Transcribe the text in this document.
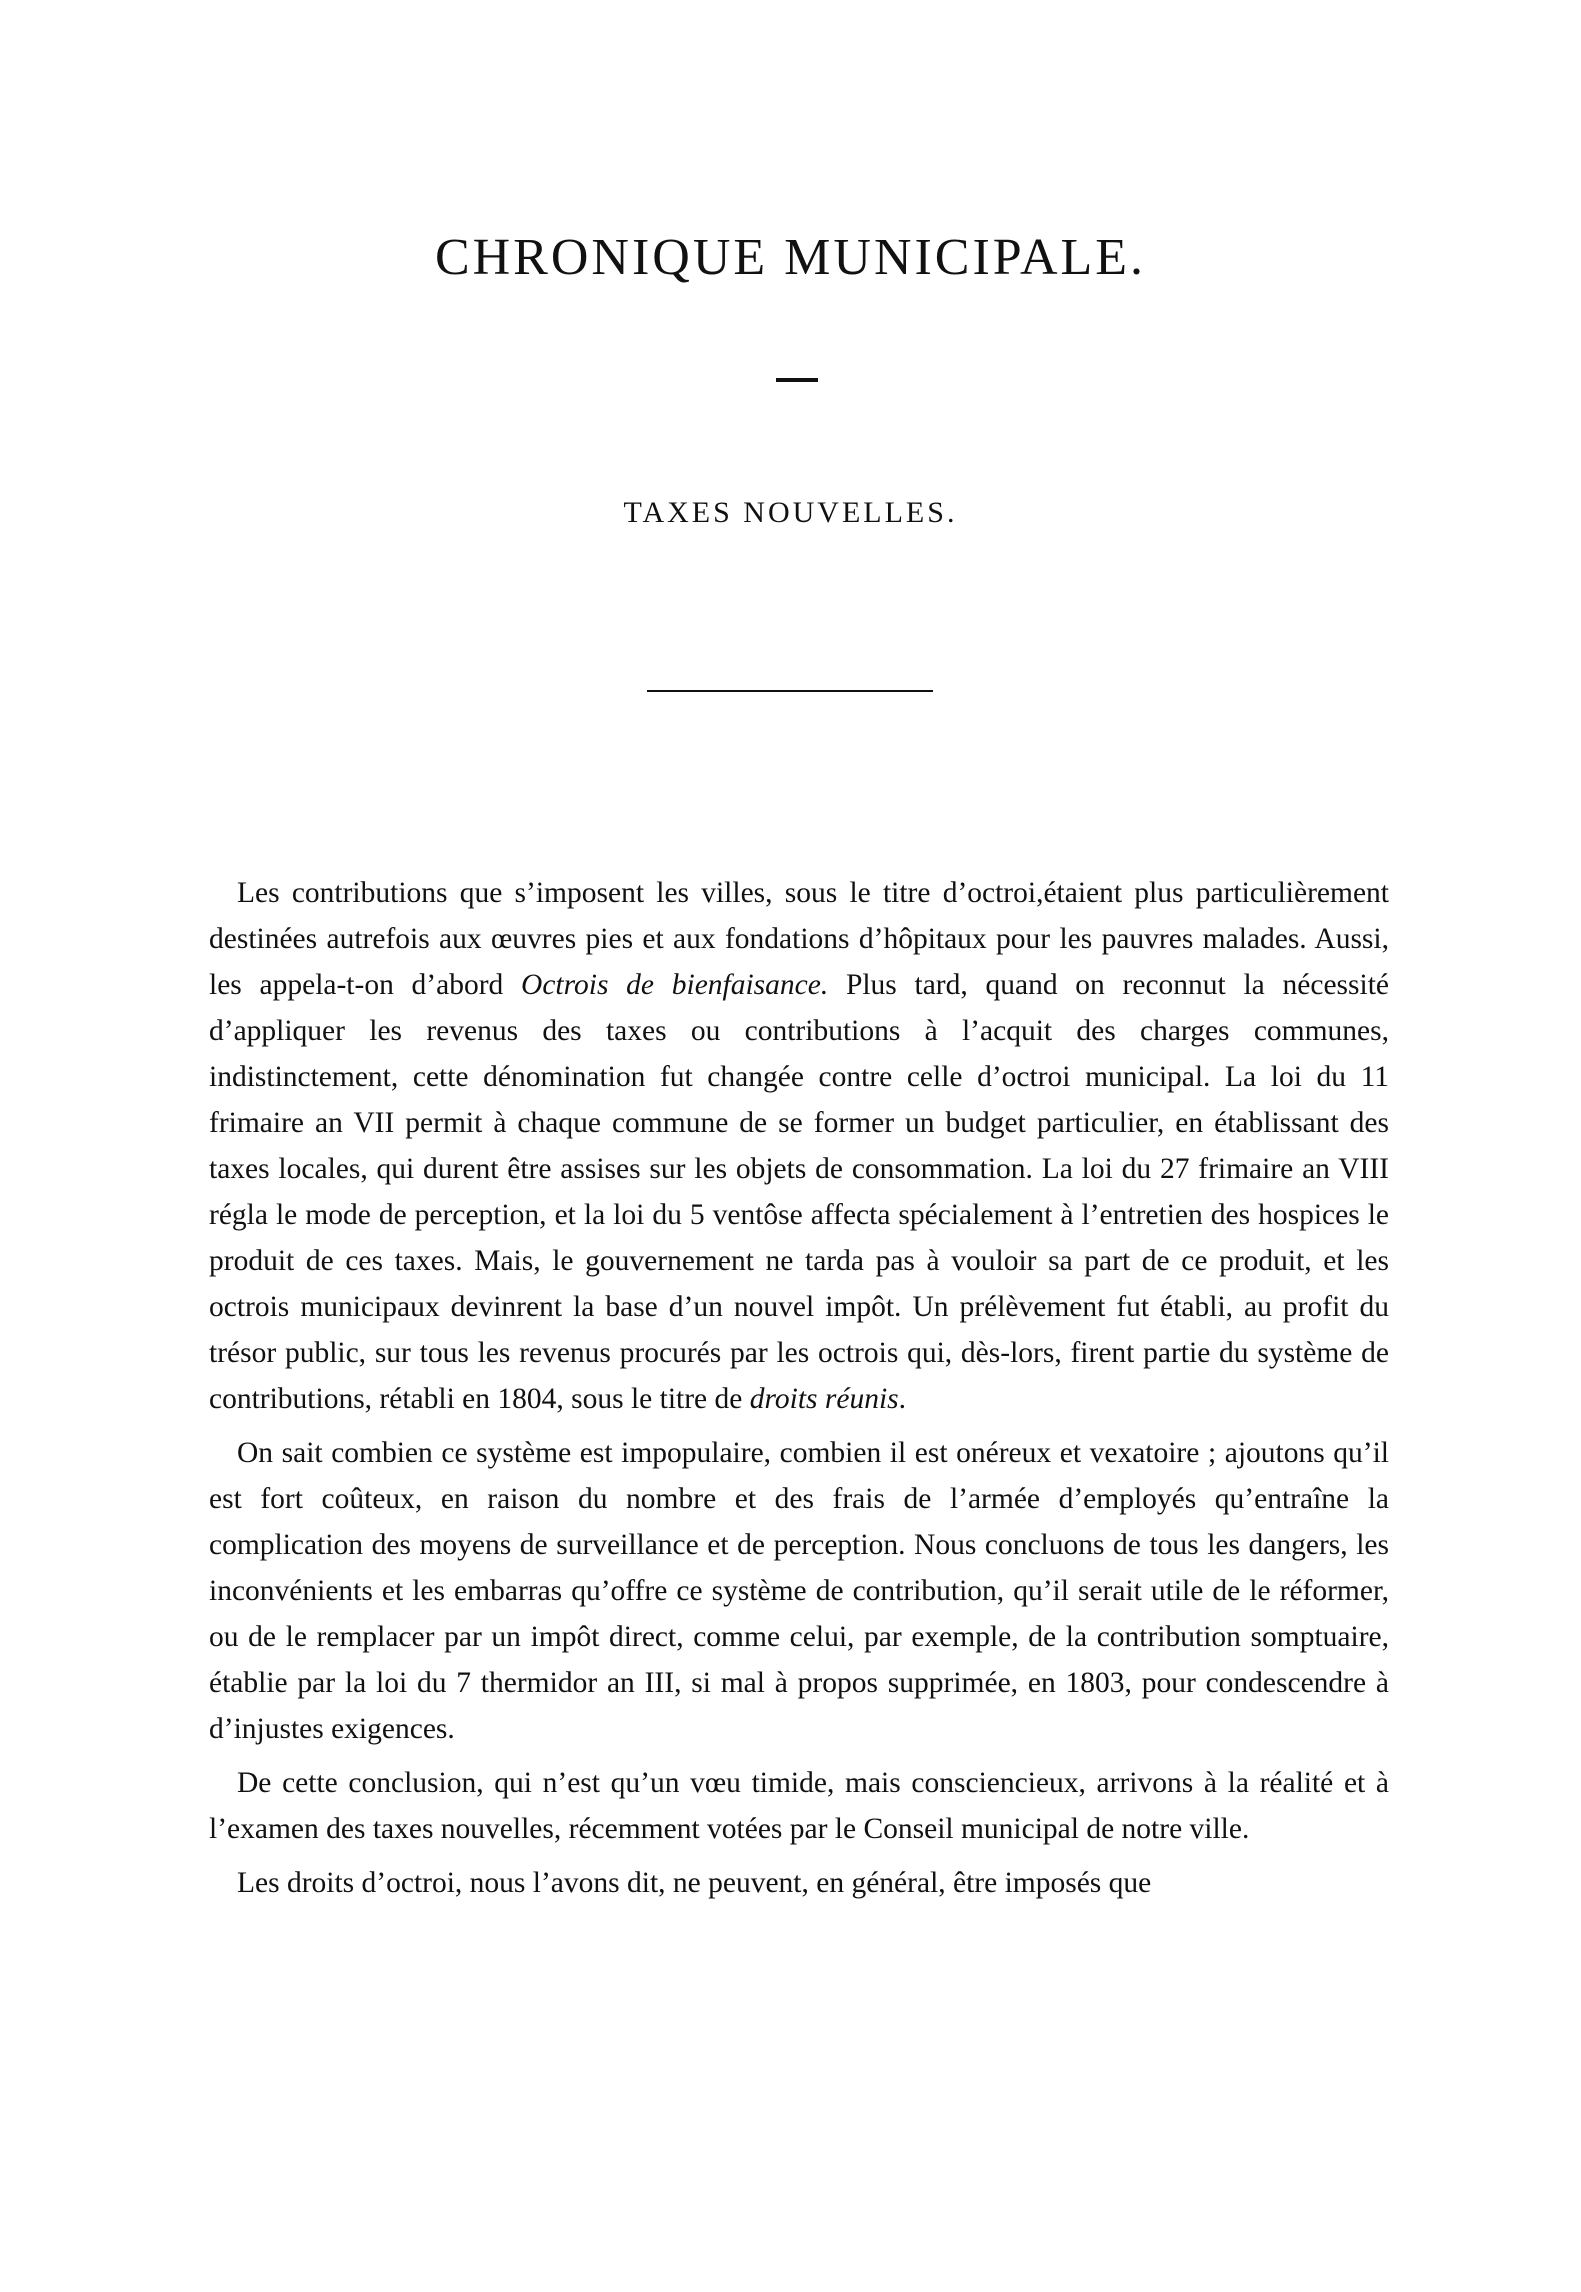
CHRONIQUE MUNICIPALE.
TAXES NOUVELLES.

Les contributions que s’imposent les villes, sous le titre d’octroi,étaient plus particulièrement destinées autrefois aux œuvres pies et aux fondations d’hôpitaux pour les pauvres malades. Aussi, les appela-t-on d’abord Octrois de bienfaisance. Plus tard, quand on reconnut la nécessité d’appliquer les revenus des taxes ou contributions à l’acquit des charges communes, indistinctement, cette dénomination fut changée contre celle d’octroi municipal. La loi du 11 frimaire an VII permit à chaque commune de se former un budget particulier, en établissant des taxes locales, qui durent être assises sur les objets de consommation. La loi du 27 frimaire an VIII régla le mode de perception, et la loi du 5 ventôse affecta spécialement à l’entretien des hospices le produit de ces taxes. Mais, le gouvernement ne tarda pas à vouloir sa part de ce produit, et les octrois municipaux devinrent la base d’un nouvel impôt. Un prélèvement fut établi, au profit du trésor public, sur tous les revenus procurés par les octrois qui, dès-lors, firent partie du système de contributions, rétabli en 1804, sous le titre de droits réunis.

On sait combien ce système est impopulaire, combien il est onéreux et vexatoire ; ajoutons qu’il est fort coûteux, en raison du nombre et des frais de l’armée d’employés qu’entraîne la complication des moyens de surveillance et de perception. Nous concluons de tous les dangers, les inconvénients et les embarras qu’offre ce système de contribution, qu’il serait utile de le réformer, ou de le remplacer par un impôt direct, comme celui, par exemple, de la contribution somptuaire, établie par la loi du 7 thermidor an III, si mal à propos supprimée, en 1803, pour condescendre à d’injustes exigences.

De cette conclusion, qui n’est qu’un vœu timide, mais consciencieux, arrivons à la réalité et à l’examen des taxes nouvelles, récemment votées par le Conseil municipal de notre ville.

Les droits d’octroi, nous l’avons dit, ne peuvent, en général, être imposés que
